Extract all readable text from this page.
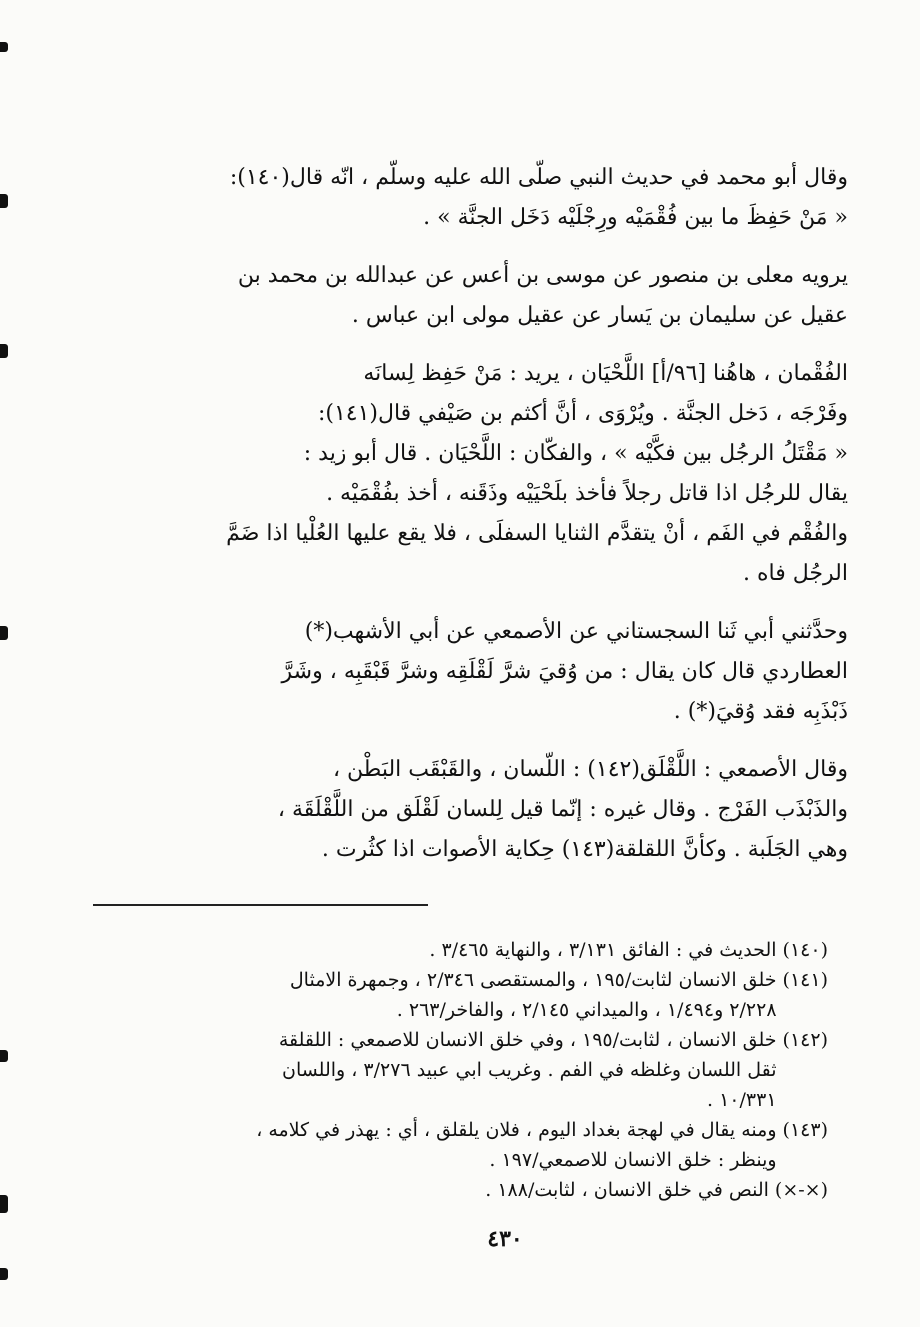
وقال أبو محمد في حديث النبي صلّى الله عليه وسلّم ، انّه قال(١٤٠):
« مَنْ حَفِظَ ما بين فُقْمَيْه ورِجْلَيْه دَخَل الجنَّة » .

يرويه معلى بن منصور عن موسى بن أعس عن عبدالله بن محمد بن
عقيل عن سليمان بن يَسار عن عقيل مولى ابن عباس .

الفُقْمان ، هاهُنا [٩٦/أ] اللَّحْيَان ، يريد : مَنْ حَفِظ لِسانَه
وفَرْجَه ، دَخل الجنَّة . ويُرْوَى ، أنَّ أكثم بن صَيْفي قال(١٤١):
« مَقْتَلُ الرجُل بين فكَّيْه » ، والفكّان : اللَّحْيَان . قال أبو زيد :
يقال للرجُل اذا قاتل رجلاً فأخذ بلَحْيَيْه وذَقَنه ، أخذ بفُقْمَيْه .
والفُقْم في الفَم ، أنْ يتقدَّم الثنايا السفلَى ، فلا يقع عليها العُلْيا اذا ضَمَّ
الرجُل فاه .

وحدَّثني أبي ثَنا السجستاني عن الأصمعي عن أبي الأشهب(*)
العطاردي قال كان يقال : من وُقيَ شرَّ لَقْلَقِه وشرَّ قَبْقَبِه ، وشَرَّ
ذَبْذَبِه فقد وُقيَ(*) .

وقال الأصمعي : اللَّقْلَق(١٤٢) : اللّسان ، والقَبْقَب البَطْن ،
والذَبْذَب الفَرْج . وقال غيره : إنّما قيل لِلسان لَقْلَق من اللَّقْلَقَة ،
وهي الجَلَبة . وكأنَّ اللقلقة(١٤٣) حِكاية الأصوات اذا كثُرت .

(١٤٠)
الحديث في : الفائق ٣/١٣١ ، والنهاية ٣/٤٦٥ .
(١٤١)
خلق الانسان لثابت/١٩٥ ، والمستقصى ٢/٣٤٦ ، وجمهرة الامثال
٢/٢٢٨ و١/٤٩٤ ، والميداني ٢/١٤٥ ، والفاخر/٢٦٣ .
(١٤٢)
خلق الانسان ، لثابت/١٩٥ ، وفي خلق الانسان للاصمعي : اللقلقة
ثقل اللسان وغلظه في الفم . وغريب ابي عبيد ٣/٢٧٦ ، واللسان
١٠/٣٣١ .
(١٤٣)
ومنه يقال في لهجة بغداد اليوم ، فلان يلقلق ، أي : يهذر في كلامه ،
وينظر : خلق الانسان للاصمعي/١٩٧ .
(×-×)
النص في خلق الانسان ، لثابت/١٨٨ .
٤٣٠
